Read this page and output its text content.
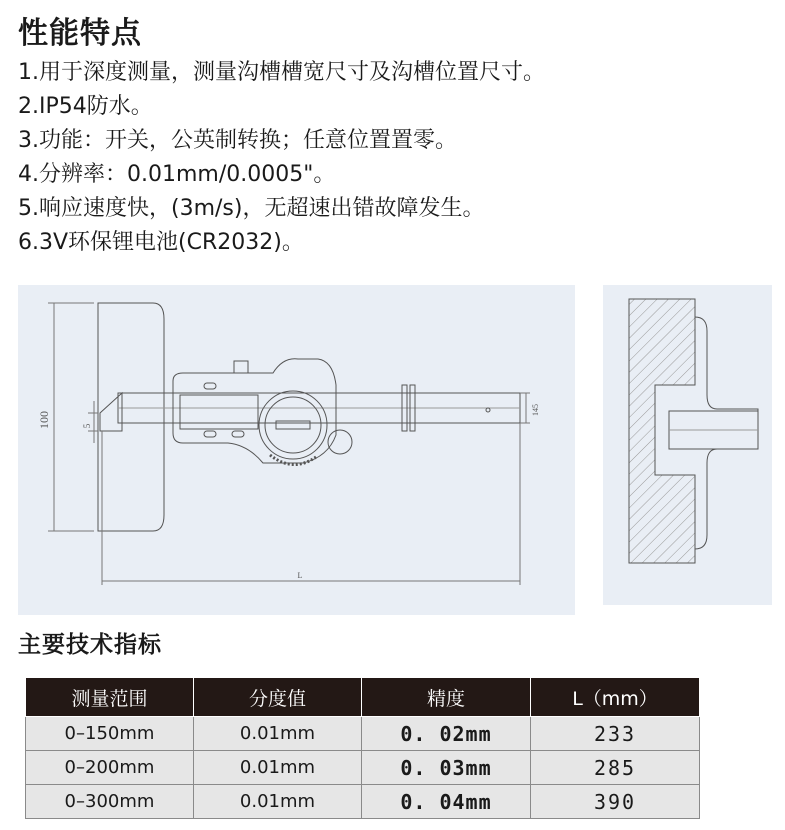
性能特点
1.用于深度测量，测量沟槽槽宽尺寸及沟槽位置尺寸。
2.IP54防水。
3.功能：开关，公英制转换；任意位置置零。
4.分辨率：0.01mm/0.0005"。
5.响应速度快，(3m/s)，无超速出错故障发生。
6.3V环保锂电池(CR2032)。
100	5
145
L
主要技术指标
测量范围	分度值	精度	L（mm）
0–150mm	0.01mm	0. 02mm	233
0–200mm	0.01mm	0. 03mm	285
0–300mm	0.01mm	0. 04mm	390
